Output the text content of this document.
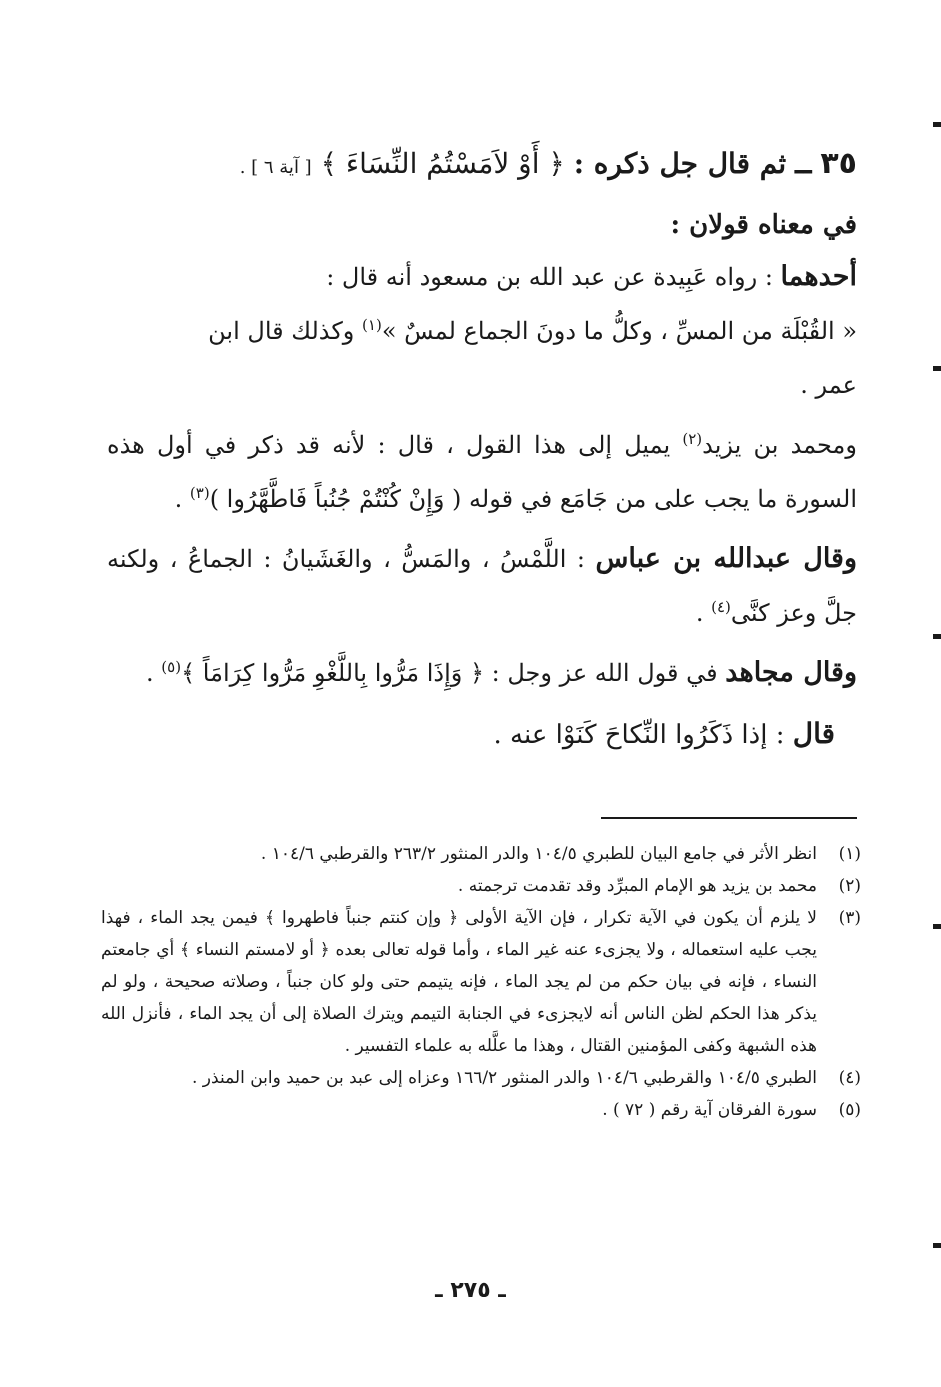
٣٥ ــ ثم قال جل ذكره : ﴿ أَوْ لاَمَسْتُمُ النِّسَاءَ ﴾ [ آية ٦ ] .

في معناه قولان :

أحدهما : رواه عَبِيدة عن عبد الله بن مسعود أنه قال :
« القُبْلَة من المسِّ ، وكلُّ ما دونَ الجماع لمسٌ »$^{(١)}$ وكذلك قال ابن
عمر .

ومحمد بن يزيد$^{(٢)}$ يميل إلى هذا القول ، قال : لأنه قد ذكر في أول هذه السورة ما يجب على من جَامَع في قوله ( وَإِنْ كُنْتُمْ جُنُباً فَاطَّهَّرُوا )$^{(٣)}$ .

وقال عبدالله بن عباس : اللَّمْسُ ، والمَسُّ ، والغَشَيانُ : الجماعُ ، ولكنه جلَّ وعز كنَّى$^{(٤)}$ .

وقال مجاهد في قول الله عز وجل : ﴿ وَإِذَا مَرُّوا بِاللَّغْوِ مَرُّوا كِرَامَاً ﴾$^{(٥)}$ .

قال : إذا ذَكَرُوا النِّكاحَ كَنَوْا عنه .

(١)
انظر الأثر في جامع البيان للطبري ١٠٤/٥ والدر المنثور ٢٦٣/٢ والقرطبي ١٠٤/٦ .

(٢)
محمد بن يزيد هو الإمام المبرِّد وقد تقدمت ترجمته .

(٣)
لا يلزم أن يكون في الآية تكرار ، فإن الآية الأولى ﴿ وإن كنتم جنباً فاطهروا ﴾ فيمن يجد الماء ، فهذا يجب عليه استعماله ، ولا يجزىء عنه غير الماء ، وأما قوله تعالى بعده ﴿ أو لامستم النساء ﴾ أي جامعتم النساء ، فإنه في بيان حكم من لم يجد الماء ، فإنه يتيمم حتى ولو كان جنباً ، وصلاته صحيحة ، ولو لم يذكر هذا الحكم لظن الناس أنه لايجزىء في الجنابة التيمم ويترك الصلاة إلى أن يجد الماء ، فأنزل الله هذه الشبهة وكفى المؤمنين القتال ، وهذا ما علَّله به علماء التفسير .

(٤)
الطبري ١٠٤/٥ والقرطبي ١٠٤/٦ والدر المنثور ١٦٦/٢ وعزاه إلى عبد بن حميد وابن المنذر .

(٥)
سورة الفرقان آية رقم ( ٧٢ ) .

ـ ٢٧٥ ـ
